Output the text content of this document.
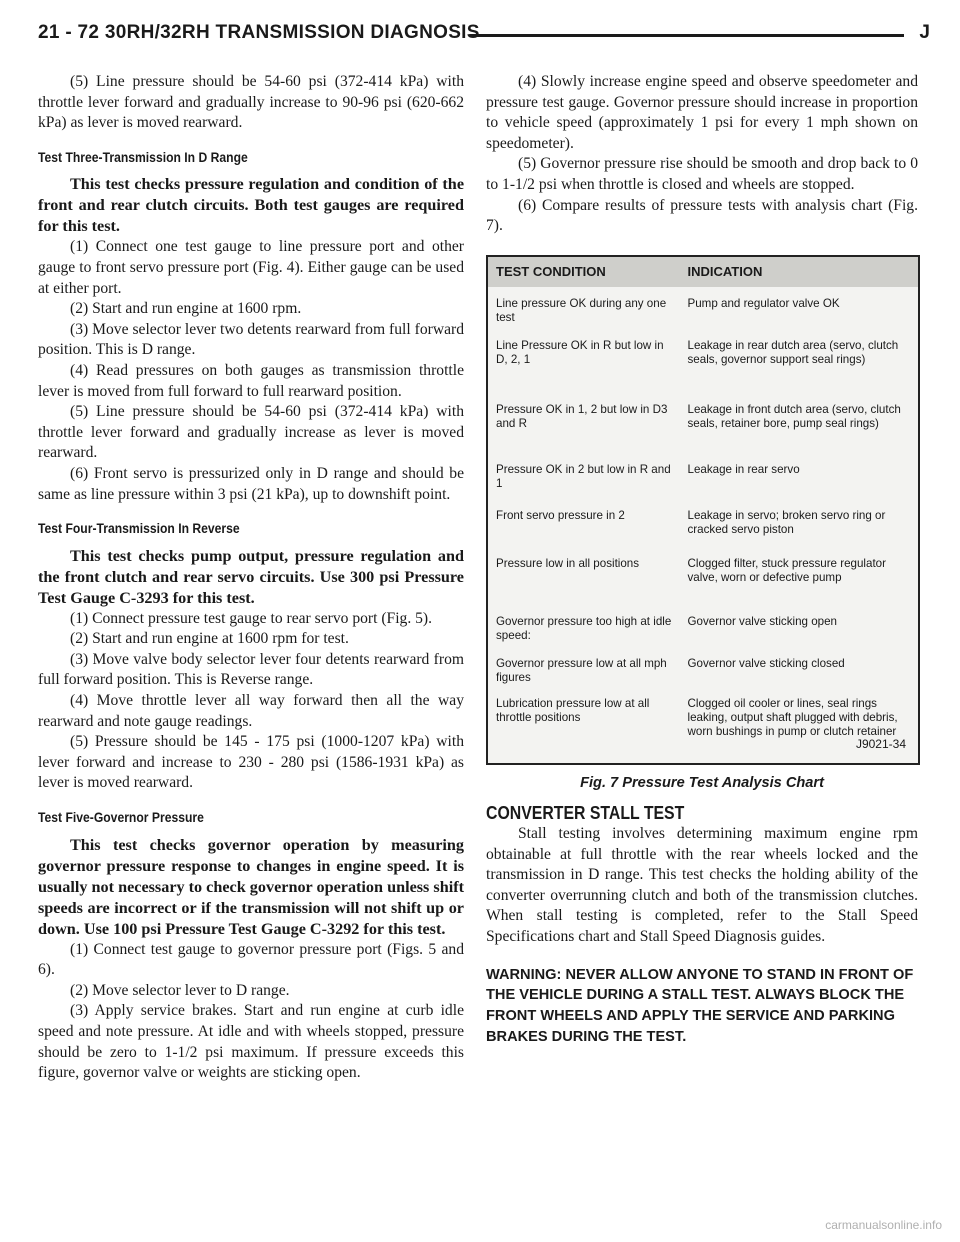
21 - 72 30RH/32RH TRANSMISSION DIAGNOSIS	J

(5) Line pressure should be 54-60 psi (372-414 kPa) with throttle lever forward and gradually increase to 90-96 psi (620-662 kPa) as lever is moved rearward.

Test Three-Transmission In D Range

This test checks pressure regulation and condition of the front and rear clutch circuits. Both test gauges are required for this test.

(1) Connect one test gauge to line pressure port and other gauge to front servo pressure port (Fig. 4). Either gauge can be used at either port.

(2) Start and run engine at 1600 rpm.

(3) Move selector lever two detents rearward from full forward position. This is D range.

(4) Read pressures on both gauges as transmission throttle lever is moved from full forward to full rearward position.

(5) Line pressure should be 54-60 psi (372-414 kPa) with throttle lever forward and gradually increase as lever is moved rearward.

(6) Front servo is pressurized only in D range and should be same as line pressure within 3 psi (21 kPa), up to downshift point.

Test Four-Transmission In Reverse

This test checks pump output, pressure regulation and the front clutch and rear servo circuits. Use 300 psi Pressure Test Gauge C-3293 for this test.

(1) Connect pressure test gauge to rear servo port (Fig. 5).

(2) Start and run engine at 1600 rpm for test.

(3) Move valve body selector lever four detents rearward from full forward position. This is Reverse range.

(4) Move throttle lever all way forward then all the way rearward and note gauge readings.

(5) Pressure should be 145 - 175 psi (1000-1207 kPa) with lever forward and increase to 230 - 280 psi (1586-1931 kPa) as lever is moved rearward.

Test Five-Governor Pressure

This test checks governor operation by measuring governor pressure response to changes in engine speed. It is usually not necessary to check governor operation unless shift speeds are incorrect or if the transmission will not shift up or down. Use 100 psi Pressure Test Gauge C-3292 for this test.

(1) Connect test gauge to governor pressure port (Figs. 5 and 6).

(2) Move selector lever to D range.

(3) Apply service brakes. Start and run engine at curb idle speed and note pressure. At idle and with wheels stopped, pressure should be zero to 1-1/2 psi maximum. If pressure exceeds this figure, governor valve or weights are sticking open.

(4) Slowly increase engine speed and observe speedometer and pressure test gauge. Governor pressure should increase in proportion to vehicle speed (approximately 1 psi for every 1 mph shown on speedometer).

(5) Governor pressure rise should be smooth and drop back to 0 to 1-1/2 psi when throttle is closed and wheels are stopped.

(6) Compare results of pressure tests with analysis chart (Fig. 7).

TEST CONDITION	INDICATION
Line pressure OK during any one test	Pump and regulator valve OK
Line Pressure OK in R but low in D, 2, 1	Leakage in rear dutch area (servo, clutch seals, governor support seal rings)
Pressure OK in 1, 2 but low in D3 and R	Leakage in front dutch area (servo, clutch seals, retainer bore, pump seal rings)
Pressure OK in 2 but low in R and 1	Leakage in rear servo
Front servo pressure in 2	Leakage in servo; broken servo ring or cracked servo piston
Pressure low in all positions	Clogged filter, stuck pressure regulator valve, worn or defective pump
Governor pressure too high at idle speed:	Governor valve sticking open
Governor pressure low at all mph figures	Governor valve sticking closed
Lubrication pressure low at all throttle positions	Clogged oil cooler or lines, seal rings leaking, output shaft plugged with debris, worn bushings in pump or clutch retainer
J9021-34
Fig. 7 Pressure Test Analysis Chart
CONVERTER STALL TEST

Stall testing involves determining maximum engine rpm obtainable at full throttle with the rear wheels locked and the transmission in D range. This test checks the holding ability of the converter overrunning clutch and both of the transmission clutches. When stall testing is completed, refer to the Stall Speed Specifications chart and Stall Speed Diagnosis guides.

WARNING: NEVER ALLOW ANYONE TO STAND IN FRONT OF THE VEHICLE DURING A STALL TEST. ALWAYS BLOCK THE FRONT WHEELS AND APPLY THE SERVICE AND PARKING BRAKES DURING THE TEST.
carmanualsonline.info
